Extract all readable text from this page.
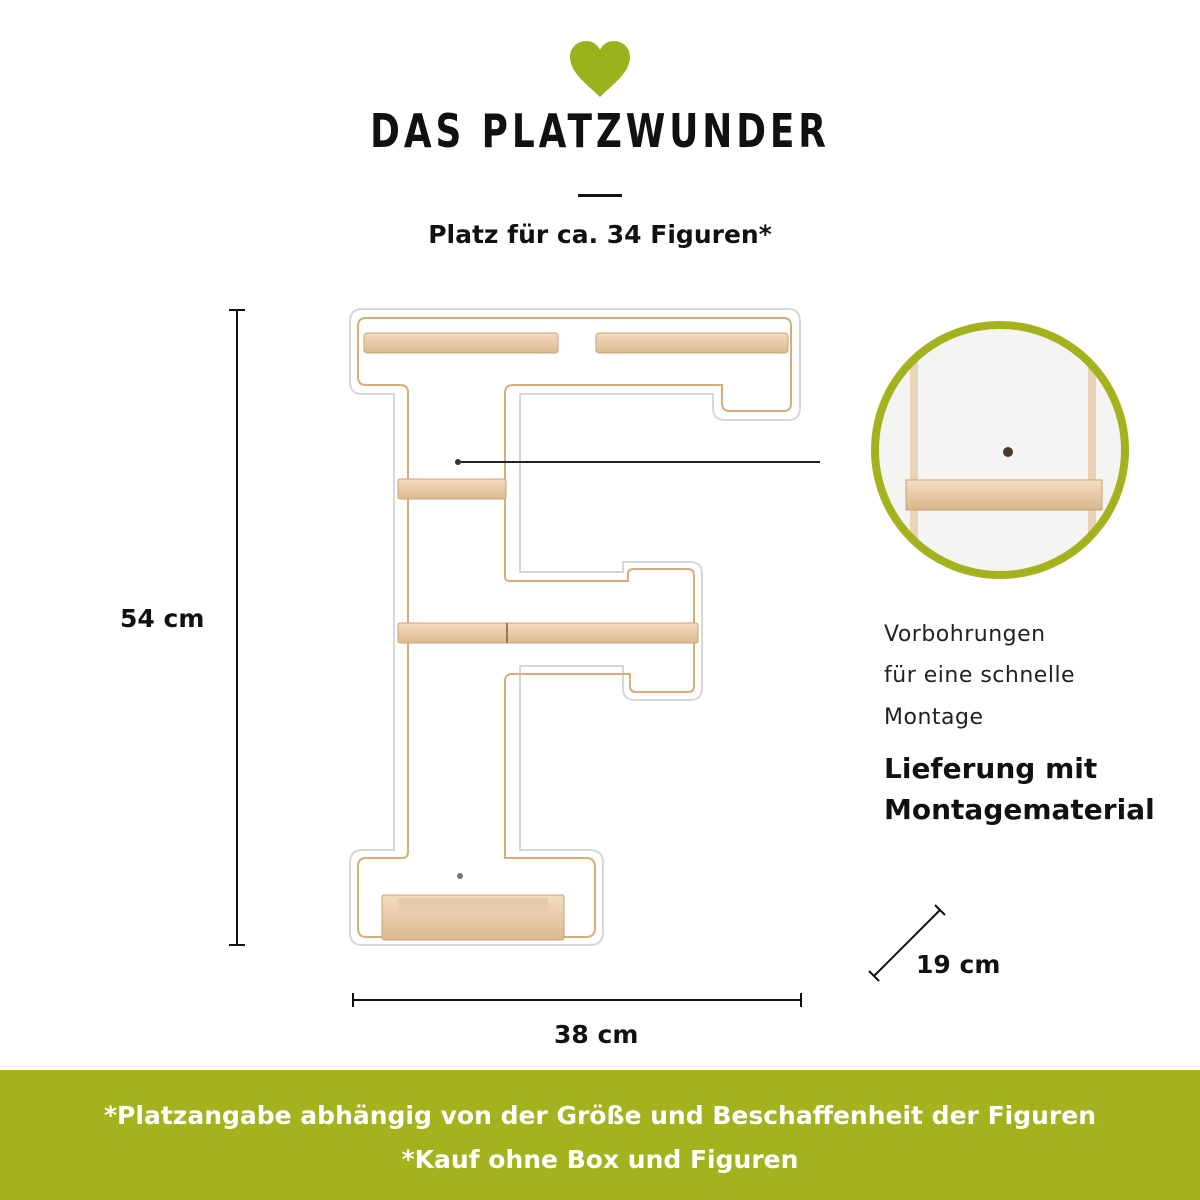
DAS PLATZWUNDER
Platz für ca. 34 Figuren*
54 cm
Vorbohrungen
für eine schnelle
Montage
Lieferung mit
Montagematerial
19 cm
38 cm
*Platzangabe abhängig von der Größe und Beschaffenheit der Figuren
*Kauf ohne Box und Figuren
